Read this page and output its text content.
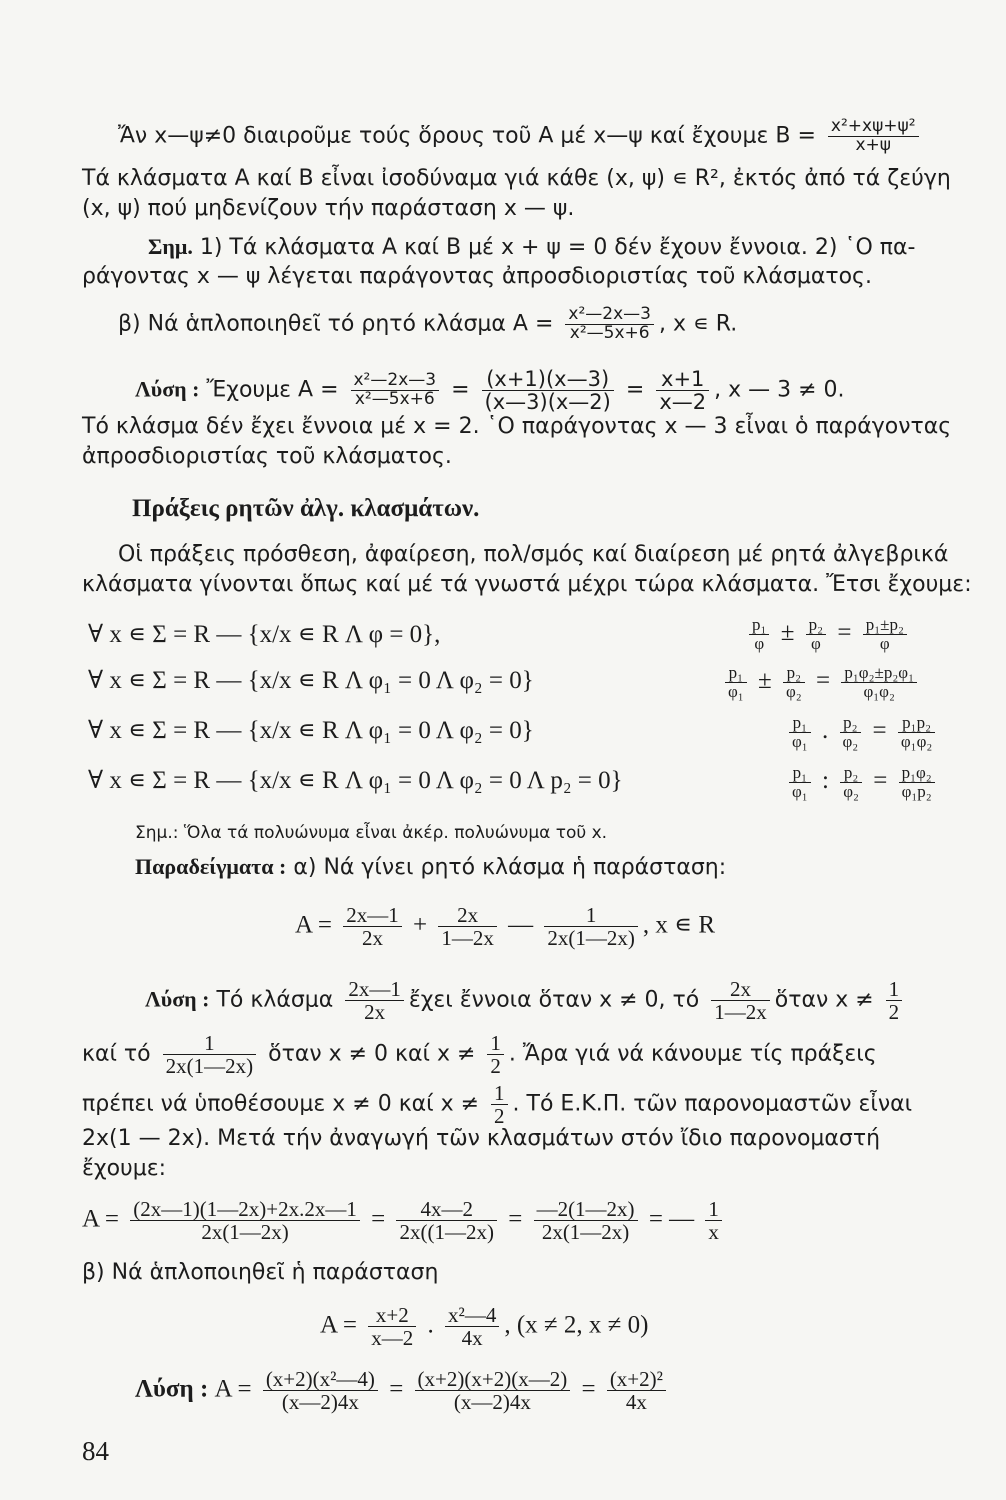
Ἄν x—ψ≠0 διαιροῦμε τούς ὅρους τοῦ Α μέ x—ψ καί ἔχουμε $B = \frac{\text{x²+xψ+ψ²}}{x+\psi}$
Τά κλάσματα Α καί Β εἶναι ἰσοδύναμα γιά κάθε (x, ψ) ∊ R², ἐκτός ἀπό τά ζεύγη
(x, ψ) πού μηδενίζουν τήν παράσταση x — ψ.
Σημ. 1) Τά κλάσματα Α καί Β μέ x + ψ = 0 δέν ἔχουν ἔννοια. 2) ῾Ο πα-
ράγοντας x — ψ λέγεται παράγοντας ἀπροσδιοριστίας τοῦ κλάσματος.
β) Νά ἁπλοποιηθεῖ τό ρητό κλάσμα $A = \frac{\text{x²—2x—3}}{\text{x²—5x+6}}$ , x ∊ R.
Λύση : Ἔχουμε $A = \frac{\text{x²—2x—3}}{\text{x²—5x+6}} = \frac{(x+1)(x—3)}{(x—3)(x—2)} = \frac{x+1}{x—2}$ , x — 3 ≠ 0.
Τό κλάσμα δέν ἔχει ἔννοια μέ x = 2. ῾Ο παράγοντας x — 3 εἶναι ὁ παράγοντας
ἀπροσδιοριστίας τοῦ κλάσματος.
Πράξεις ρητῶν ἀλγ. κλασμάτων.
Οἱ πράξεις πρόσθεση, ἀφαίρεση, πολ/σμός καί διαίρεση μέ ρητά ἀλγεβρικά
κλάσματα γίνονται ὅπως καί μέ τά γνωστά μέχρι τώρα κλάσματα. Ἔτσι ἔχουμε:
∀ x ∊ Σ = R — {x/x ∊ R Λ φ = 0},
∀ x ∊ Σ = R — {x/x ∊ R Λ φ₁ = 0 Λ φ₂ = 0}
∀ x ∊ Σ = R — {x/x ∊ R Λ φ₁ = 0 Λ φ₂ = 0}
∀ x ∊ Σ = R — {x/x ∊ R Λ φ₁ = 0 Λ φ₂ = 0 Λ p₂ = 0}
$\frac{\text{p₁}}{\varphi} \pm \frac{\text{p₂}}{\varphi} = \frac{\text{p₁±p₂}}{\varphi}$
$\frac{\text{p₁}}{\text{φ₁}} \pm \frac{\text{p₂}}{\text{φ₂}} = \frac{\text{p₁φ₂±p₂φ₁}}{\text{φ₁φ₂}}$
$\frac{\text{p₁}}{\text{φ₁}}$ . $\frac{\text{p₂}}{\text{φ₂}} = \frac{\text{p₁p₂}}{\text{φ₁φ₂}}$
$\frac{\text{p₁}}{\text{φ₁}}$ : $\frac{\text{p₂}}{\text{φ₂}} = \frac{\text{p₁φ₂}}{\text{φ₁p₂}}$
Σημ.: Ὅλα τά πολυώνυμα εἶναι ἀκέρ. πολυώνυμα τοῦ x.
Παραδείγματα : α) Νά γίνει ρητό κλάσμα ἡ παράσταση:
$A = \frac{2x—1}{2x} + \frac{2x}{1—2x}$ — $\frac{1}{2x(1—2x)}$ , x ∊ R
Λύση : Τό κλάσμα $\frac{2x—1}{2x}$ ἔχει ἔννοια ὅταν x ≠ 0, τό $\frac{2x}{1—2x}$ ὅταν $x \ne \frac{1}{2}$
καί τό $\frac{1}{2x(1—2x)}$ ὅταν x ≠ 0 καί $x \ne \frac{1}{2}$ . Ἄρα γιά νά κάνουμε τίς πράξεις
πρέπει νά ὑποθέσουμε x ≠ 0 καί $x \ne \frac{1}{2}$ . Τό Ε.Κ.Π. τῶν παρονομαστῶν εἶναι
2x(1 — 2x). Μετά τήν ἀναγωγή τῶν κλασμάτων στόν ἴδιο παρονομαστή
ἔχουμε:
$A = \frac{(2x—1)(1—2x)+2x.2x—1}{2x(1—2x)} = \frac{4x—2}{2x((1—2x)} = \frac{—2(1—2x)}{2x(1—2x)}$ = — $\frac{1}{x}$
β) Νά ἁπλοποιηθεῖ ἡ παράσταση
$A = \frac{x+2}{x—2}$ . $\frac{\text{x²—4}}{4x}$ , (x ≠ 2, x ≠ 0)
Λύση : $A = \frac{\text{(x+2)(x²—4)}}{(x—2)4x} = \frac{(x+2)(x+2)(x—2)}{(x—2)4x} = \frac{\text{(x+2)²}}{4x}$
84
